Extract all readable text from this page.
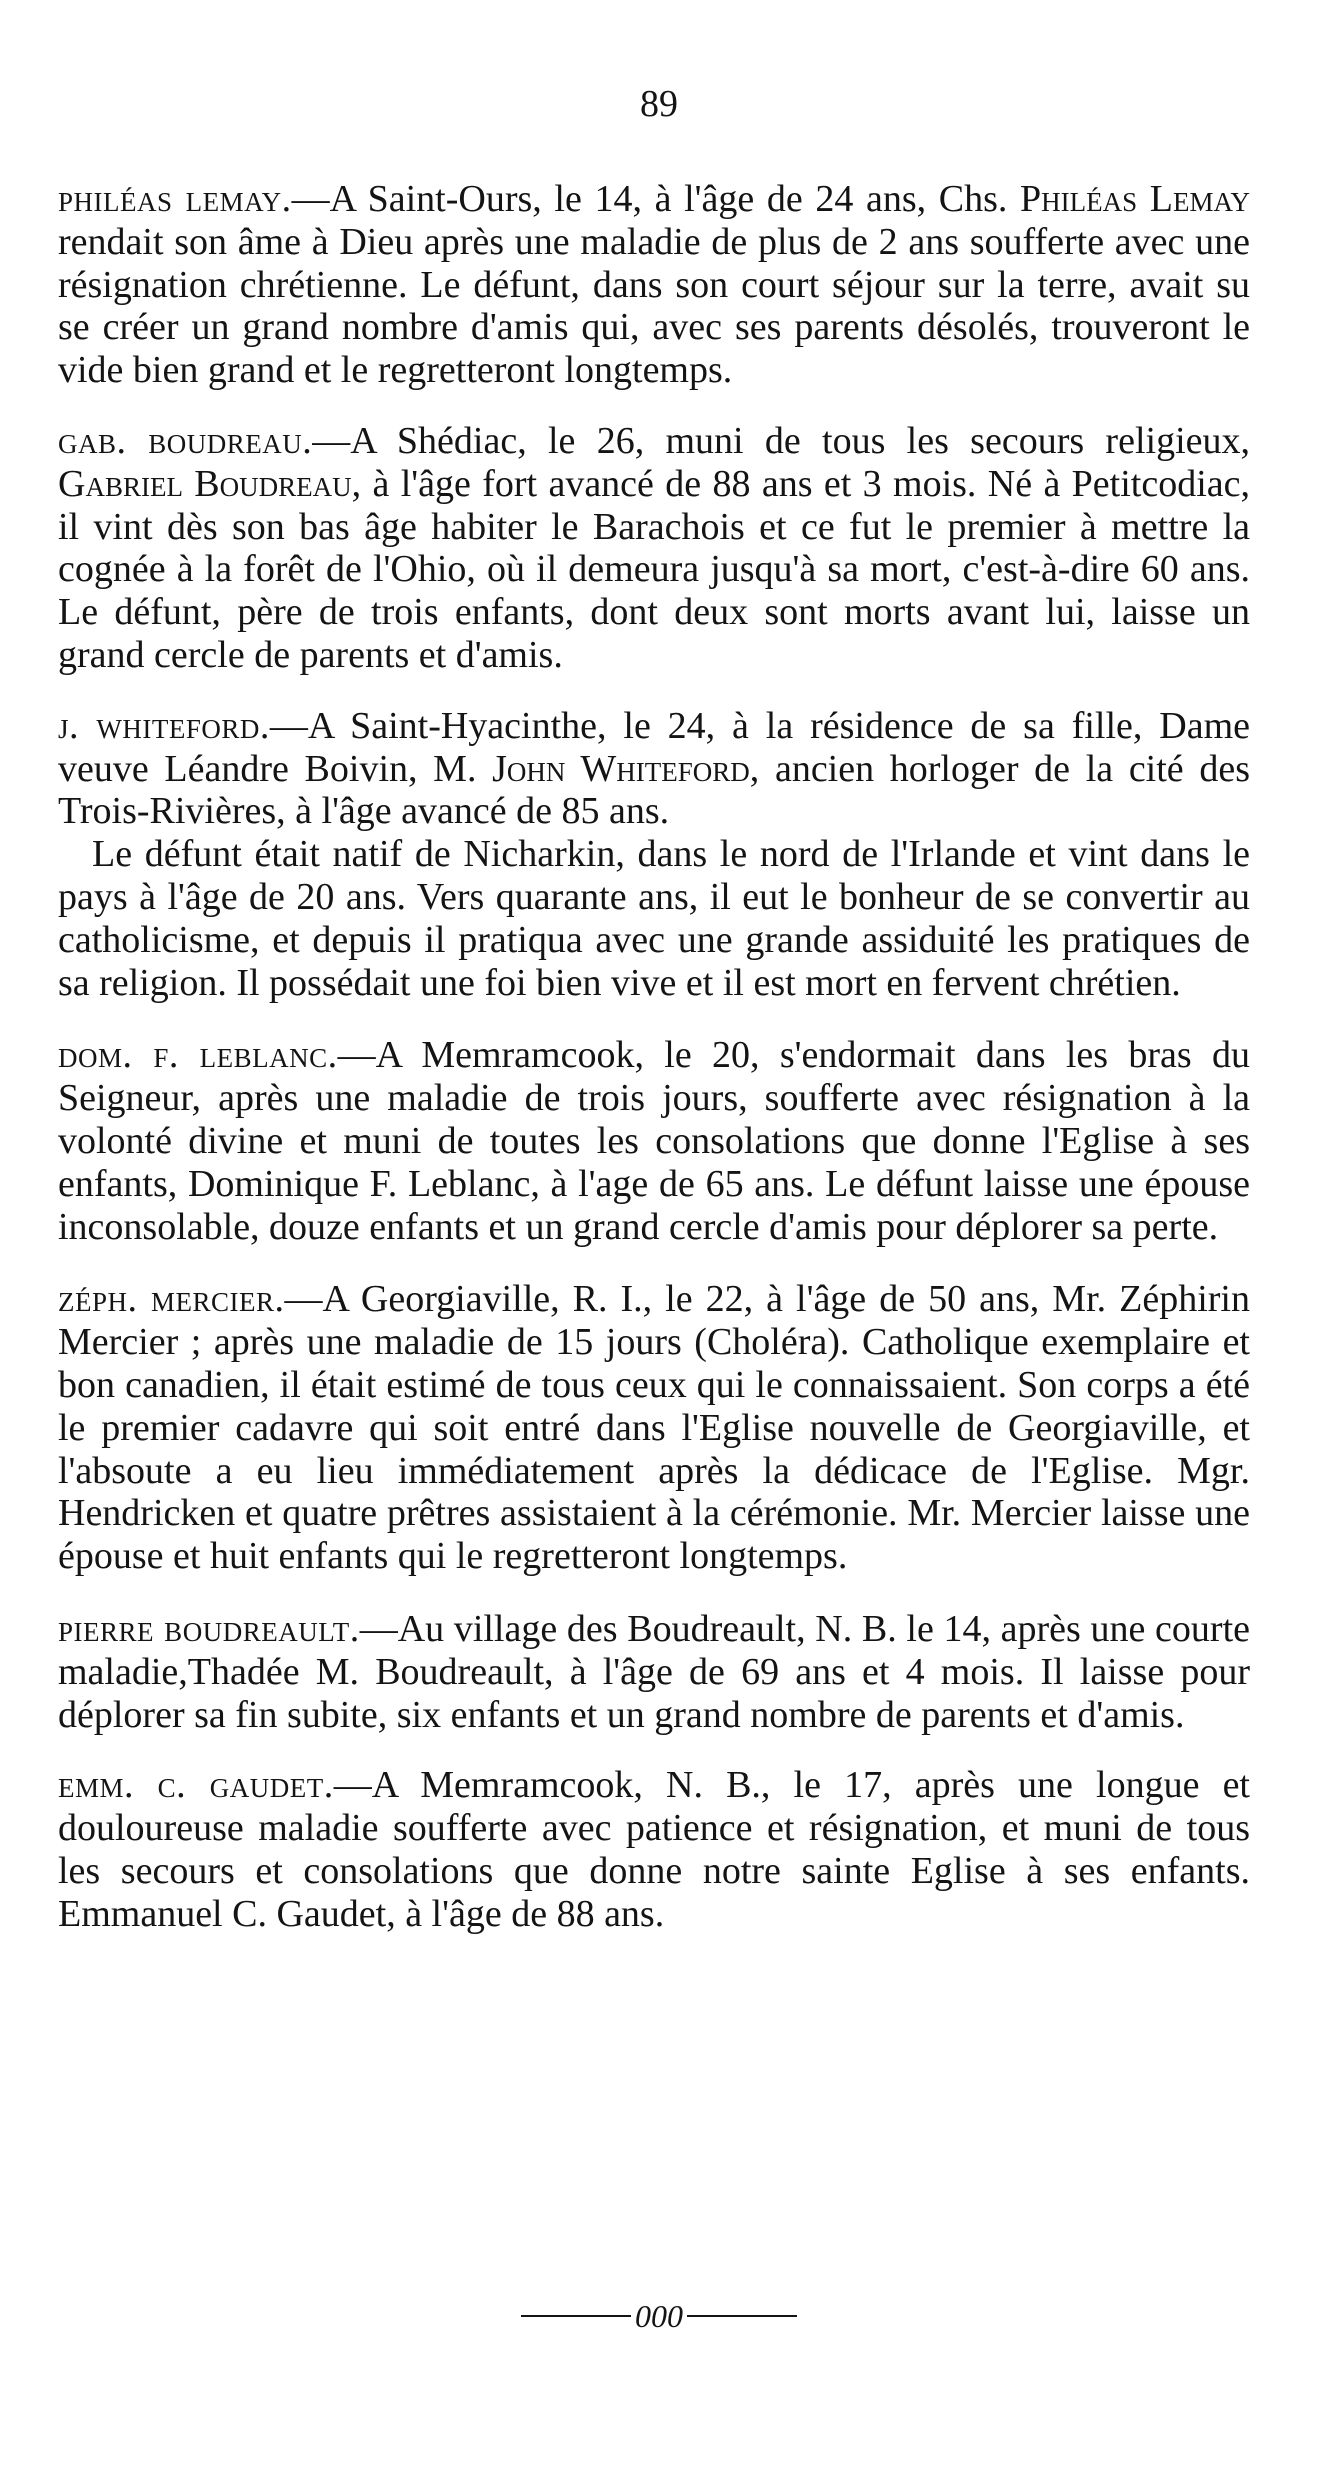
89

philéas lemay.—A Saint-Ours, le 14, à l'âge de 24 ans, Chs. Philéas Lemay rendait son âme à Dieu après une maladie de plus de 2 ans soufferte avec une résignation chrétienne. Le défunt, dans son court séjour sur la terre, avait su se créer un grand nombre d'amis qui, avec ses parents désolés, trouveront le vide bien grand et le regretteront longtemps.

gab. boudreau.—A Shédiac, le 26, muni de tous les secours religieux, Gabriel Boudreau, à l'âge fort avancé de 88 ans et 3 mois. Né à Petitcodiac, il vint dès son bas âge habiter le Barachois et ce fut le premier à mettre la cognée à la forêt de l'Ohio, où il demeura jusqu'à sa mort, c'est-à-dire 60 ans. Le défunt, père de trois enfants, dont deux sont morts avant lui, laisse un grand cercle de parents et d'amis.

j. whiteford.—A Saint-Hyacinthe, le 24, à la résidence de sa fille, Dame veuve Léandre Boivin, M. John Whiteford, ancien horloger de la cité des Trois-Rivières, à l'âge avancé de 85 ans.
Le défunt était natif de Nicharkin, dans le nord de l'Irlande et vint dans le pays à l'âge de 20 ans. Vers quarante ans, il eut le bonheur de se convertir au catholicisme, et depuis il pratiqua avec une grande assiduité les pratiques de sa religion. Il possédait une foi bien vive et il est mort en fervent chrétien.

dom. f. leblanc.—A Memramcook, le 20, s'endormait dans les bras du Seigneur, après une maladie de trois jours, soufferte avec résignation à la volonté divine et muni de toutes les consolations que donne l'Eglise à ses enfants, Dominique F. Leblanc, à l'age de 65 ans. Le défunt laisse une épouse inconsolable, douze enfants et un grand cercle d'amis pour déplorer sa perte.

zéph. mercier.—A Georgiaville, R. I., le 22, à l'âge de 50 ans, Mr. Zéphirin Mercier ; après une maladie de 15 jours (Choléra). Catholique exemplaire et bon canadien, il était estimé de tous ceux qui le connaissaient. Son corps a été le premier cadavre qui soit entré dans l'Eglise nouvelle de Georgiaville, et l'absoute a eu lieu immédiatement après la dédicace de l'Eglise. Mgr. Hendricken et quatre prêtres assistaient à la cérémonie. Mr. Mercier laisse une épouse et huit enfants qui le regretteront longtemps.

pierre boudreault.—Au village des Boudreault, N. B. le 14, après une courte maladie,Thadée M. Boudreault, à l'âge de 69 ans et 4 mois. Il laisse pour déplorer sa fin subite, six enfants et un grand nombre de parents et d'amis.

emm. c. gaudet.—A Memramcook, N. B., le 17, après une longue et douloureuse maladie soufferte avec patience et résignation, et muni de tous les secours et consolations que donne notre sainte Eglise à ses enfants. Emmanuel C. Gaudet, à l'âge de 88 ans.

000
